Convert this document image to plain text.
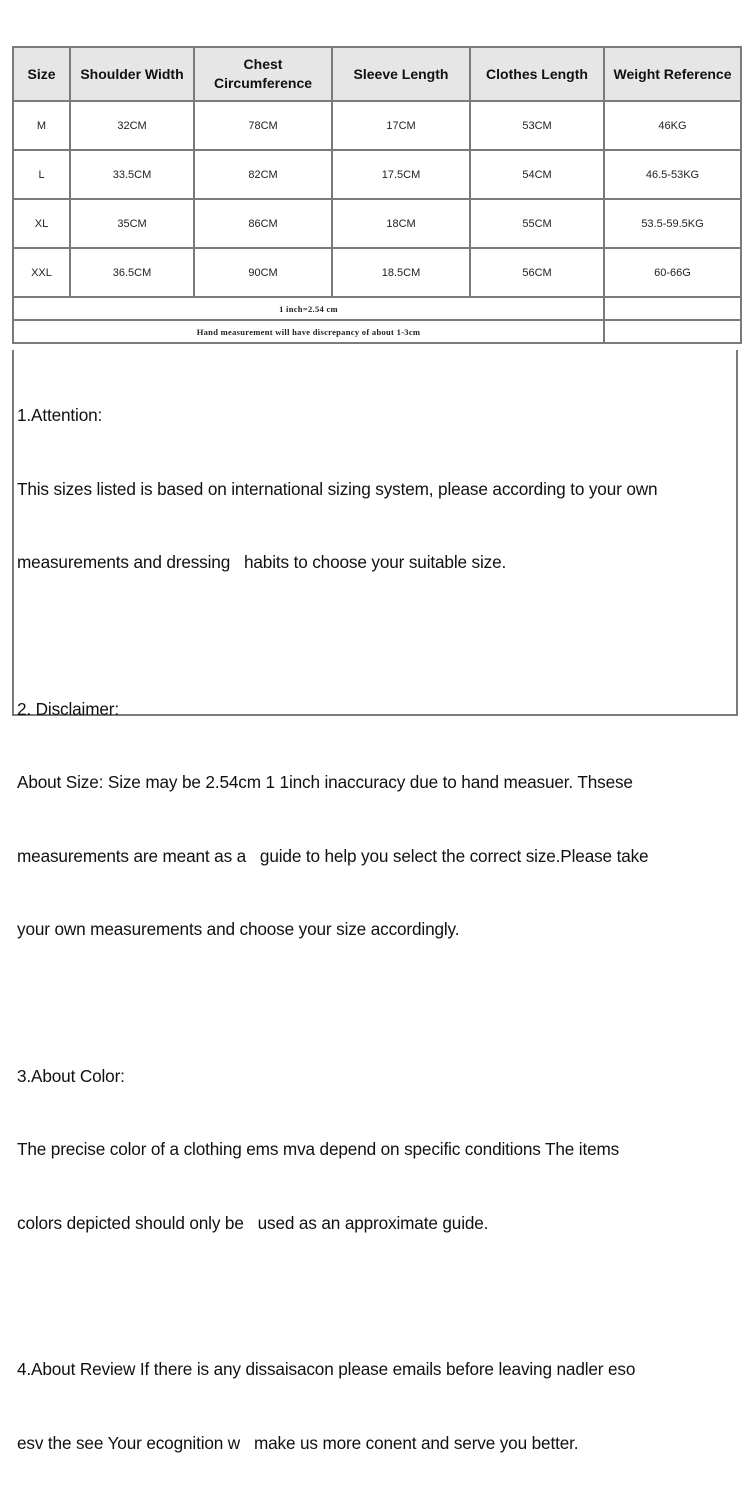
Size	Shoulder Width	Chest Circumference	Sleeve Length	Clothes Length	Weight Reference
M	32CM	78CM	17CM	53CM	46KG
L	33.5CM	82CM	17.5CM	54CM	46.5-53KG
XL	35CM	86CM	18CM	55CM	53.5-59.5KG
XXL	36.5CM	90CM	18.5CM	56CM	60-66G
1 inch=2.54 cm					
Hand measurement will have discrepancy of about 1-3cm					

1.Attention:

This sizes listed is based on international sizing system, please according to your own

measurements and dressing   habits to choose your suitable size.

2. Disclaimer:

About Size: Size may be 2.54cm 1 1inch inaccuracy due to hand measuer. Thsese

measurements are meant as a   guide to help you select the correct size.Please take

your own measurements and choose your size accordingly.

3.About Color:

The precise color of a clothing ems mva depend on specific conditions The items

colors depicted should only be   used as an approximate guide.

4.About Review If there is any dissaisacon please emails before leaving nadler eso

esv the see Your ecognition w   make us more conent and serve you better.
